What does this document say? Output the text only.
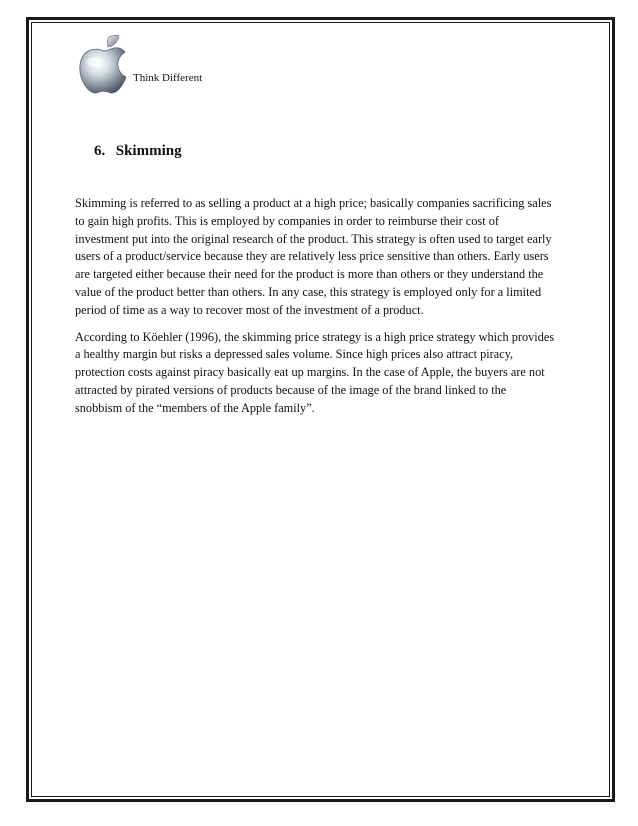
Think Different
6. Skimming

Skimming is referred to as selling a product at a high price; basically companies sacrificing sales
to gain high profits. This is employed by companies in order to reimburse their cost of
investment put into the original research of the product. This strategy is often used to target early
users of a product/service because they are relatively less price sensitive than others. Early users
are targeted either because their need for the product is more than others or they understand the
value of the product better than others. In any case, this strategy is employed only for a limited
period of time as a way to recover most of the investment of a product.

According to Köehler (1996), the skimming price strategy is a high price strategy which provides
a healthy margin but risks a depressed sales volume. Since high prices also attract piracy,
protection costs against piracy basically eat up margins. In the case of Apple, the buyers are not
attracted by pirated versions of products because of the image of the brand linked to the
snobbism of the “members of the Apple family”.
